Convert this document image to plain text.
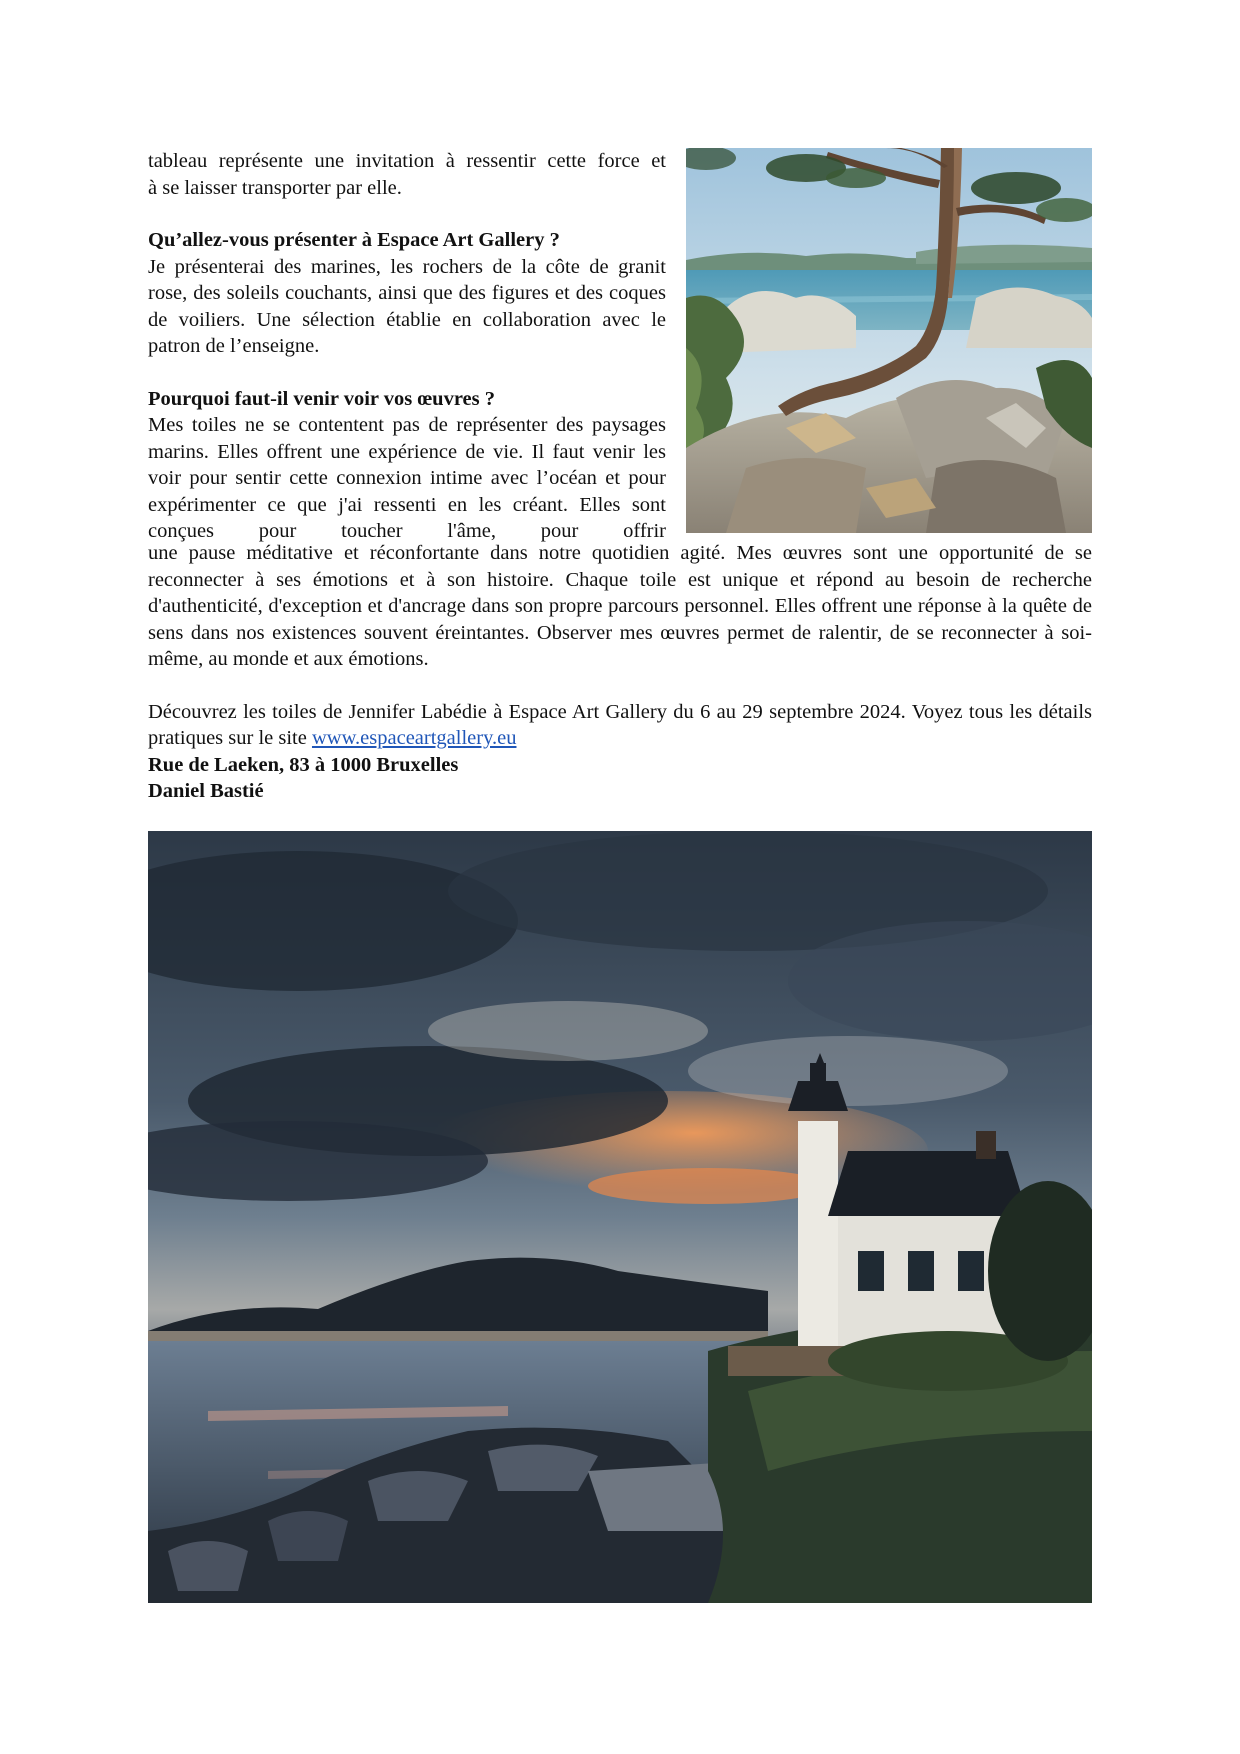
tableau représente une invitation à ressentir cette force et

à se laisser transporter par elle.

Qu’allez-vous présenter à Espace Art Gallery ?

Je présenterai des marines, les rochers de la côte de granit rose, des soleils couchants, ainsi que des figures et des coques de voiliers. Une sélection établie en collaboration avec le patron de l’enseigne.

Pourquoi faut-il venir voir vos œuvres ?

Mes toiles ne se contentent pas de représenter des paysages marins. Elles offrent une expérience de vie. Il faut venir les voir pour sentir cette connexion intime avec l’océan et pour expérimenter ce que j'ai ressenti en les créant. Elles sont conçues pour toucher l'âme, pour offrir

une pause méditative et réconfortante dans notre quotidien agité. Mes œuvres sont une opportunité de se reconnecter à ses émotions et à son histoire. Chaque toile est unique et répond au besoin de recherche d'authenticité, d'exception et d'ancrage dans son propre parcours personnel. Elles offrent une réponse à la quête de sens dans nos existences souvent éreintantes. Observer mes œuvres permet de ralentir, de se reconnecter à soi-même, au monde et aux émotions.

Découvrez les toiles de Jennifer Labédie à Espace Art Gallery du 6 au 29 septembre 2024. Voyez tous les détails pratiques sur le site www.espaceartgallery.eu

Rue de Laeken, 83 à 1000 Bruxelles

Daniel Bastié
